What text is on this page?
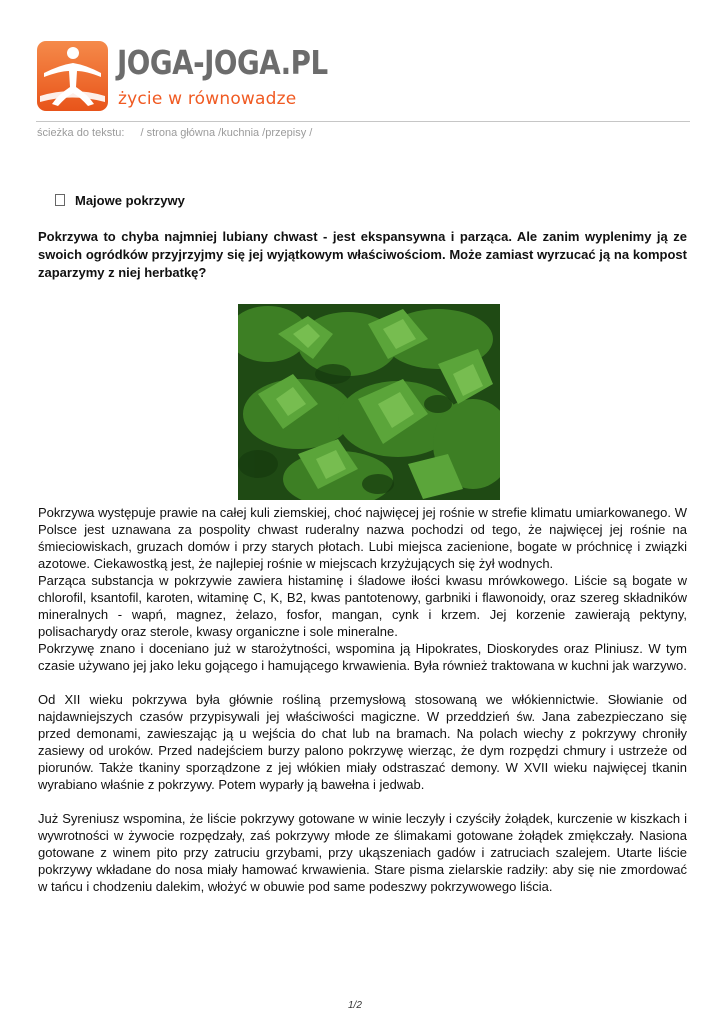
JOGA-JOGA.PL
życie w równowadze
ścieżka do tekstu: / strona główna /kuchnia /przepisy /
Majowe pokrzywy

Pokrzywa to chyba najmniej lubiany chwast - jest ekspansywna i parząca. Ale zanim wyplenimy ją ze swoich ogródków przyjrzyjmy się jej wyjątkowym właściwościom. Może zamiast wyrzucać ją na kompost zaparzymy z niej herbatkę?

Pokrzywa występuje prawie na całej kuli ziemskiej, choć najwięcej jej rośnie w strefie klimatu umiarkowanego. W Polsce jest uznawana za pospolity chwast ruderalny nazwa pochodzi od tego, że najwięcej jej rośnie na śmieciowiskach, gruzach domów i przy starych płotach. Lubi miejsca zacienione, bogate w próchnicę i związki azotowe. Ciekawostką jest, że najlepiej rośnie w miejscach krzyżujących się żył wodnych.

Parząca substancja w pokrzywie zawiera histaminę i śladowe iłości kwasu mrówkowego. Liście są bogate w chlorofil, ksantofil, karoten, witaminę C, K, B2, kwas pantotenowy, garbniki i flawonoidy, oraz szereg składników mineralnych - wapń, magnez, żelazo, fosfor, mangan, cynk i krzem. Jej korzenie zawierają pektyny, polisacharydy oraz sterole, kwasy organiczne i sole mineralne.

Pokrzywę znano i doceniano już w starożytności, wspomina ją Hipokrates, Dioskorydes oraz Pliniusz. W tym czasie używano jej jako leku gojącego i hamującego krwawienia. Była również traktowana w kuchni jak warzywo.

Od XII wieku pokrzywa była głównie rośliną przemysłową stosowaną we włókiennictwie. Słowianie od najdawniejszych czasów przypisywali jej właściwości magiczne. W przeddzień św. Jana zabezpieczano się przed demonami, zawieszając ją u wejścia do chat lub na bramach. Na polach wiechy z pokrzywy chroniły zasiewy od uroków. Przed nadejściem burzy palono pokrzywę wierząc, że dym rozpędzi chmury i ustrzeże od piorunów. Także tkaniny sporządzone z jej włókien miały odstraszać demony. W XVII wieku najwięcej tkanin wyrabiano właśnie z pokrzywy. Potem wyparły ją bawełna i jedwab.

Już Syreniusz wspomina, że liście pokrzywy gotowane w winie leczyły i czyściły żołądek, kurczenie w kiszkach i wywrotności w żywocie rozpędzały, zaś pokrzywy młode ze ślimakami gotowane żołądek zmiękczały. Nasiona gotowane z winem pito przy zatruciu grzybami, przy ukąszeniach gadów i zatruciach szalejem. Utarte liście pokrzywy wkładane do nosa miały hamować krwawienia. Stare pisma zielarskie radziły: aby się nie zmordować w tańcu i chodzeniu dalekim, włożyć w obuwie pod same podeszwy pokrzywowego liścia.

1/2
